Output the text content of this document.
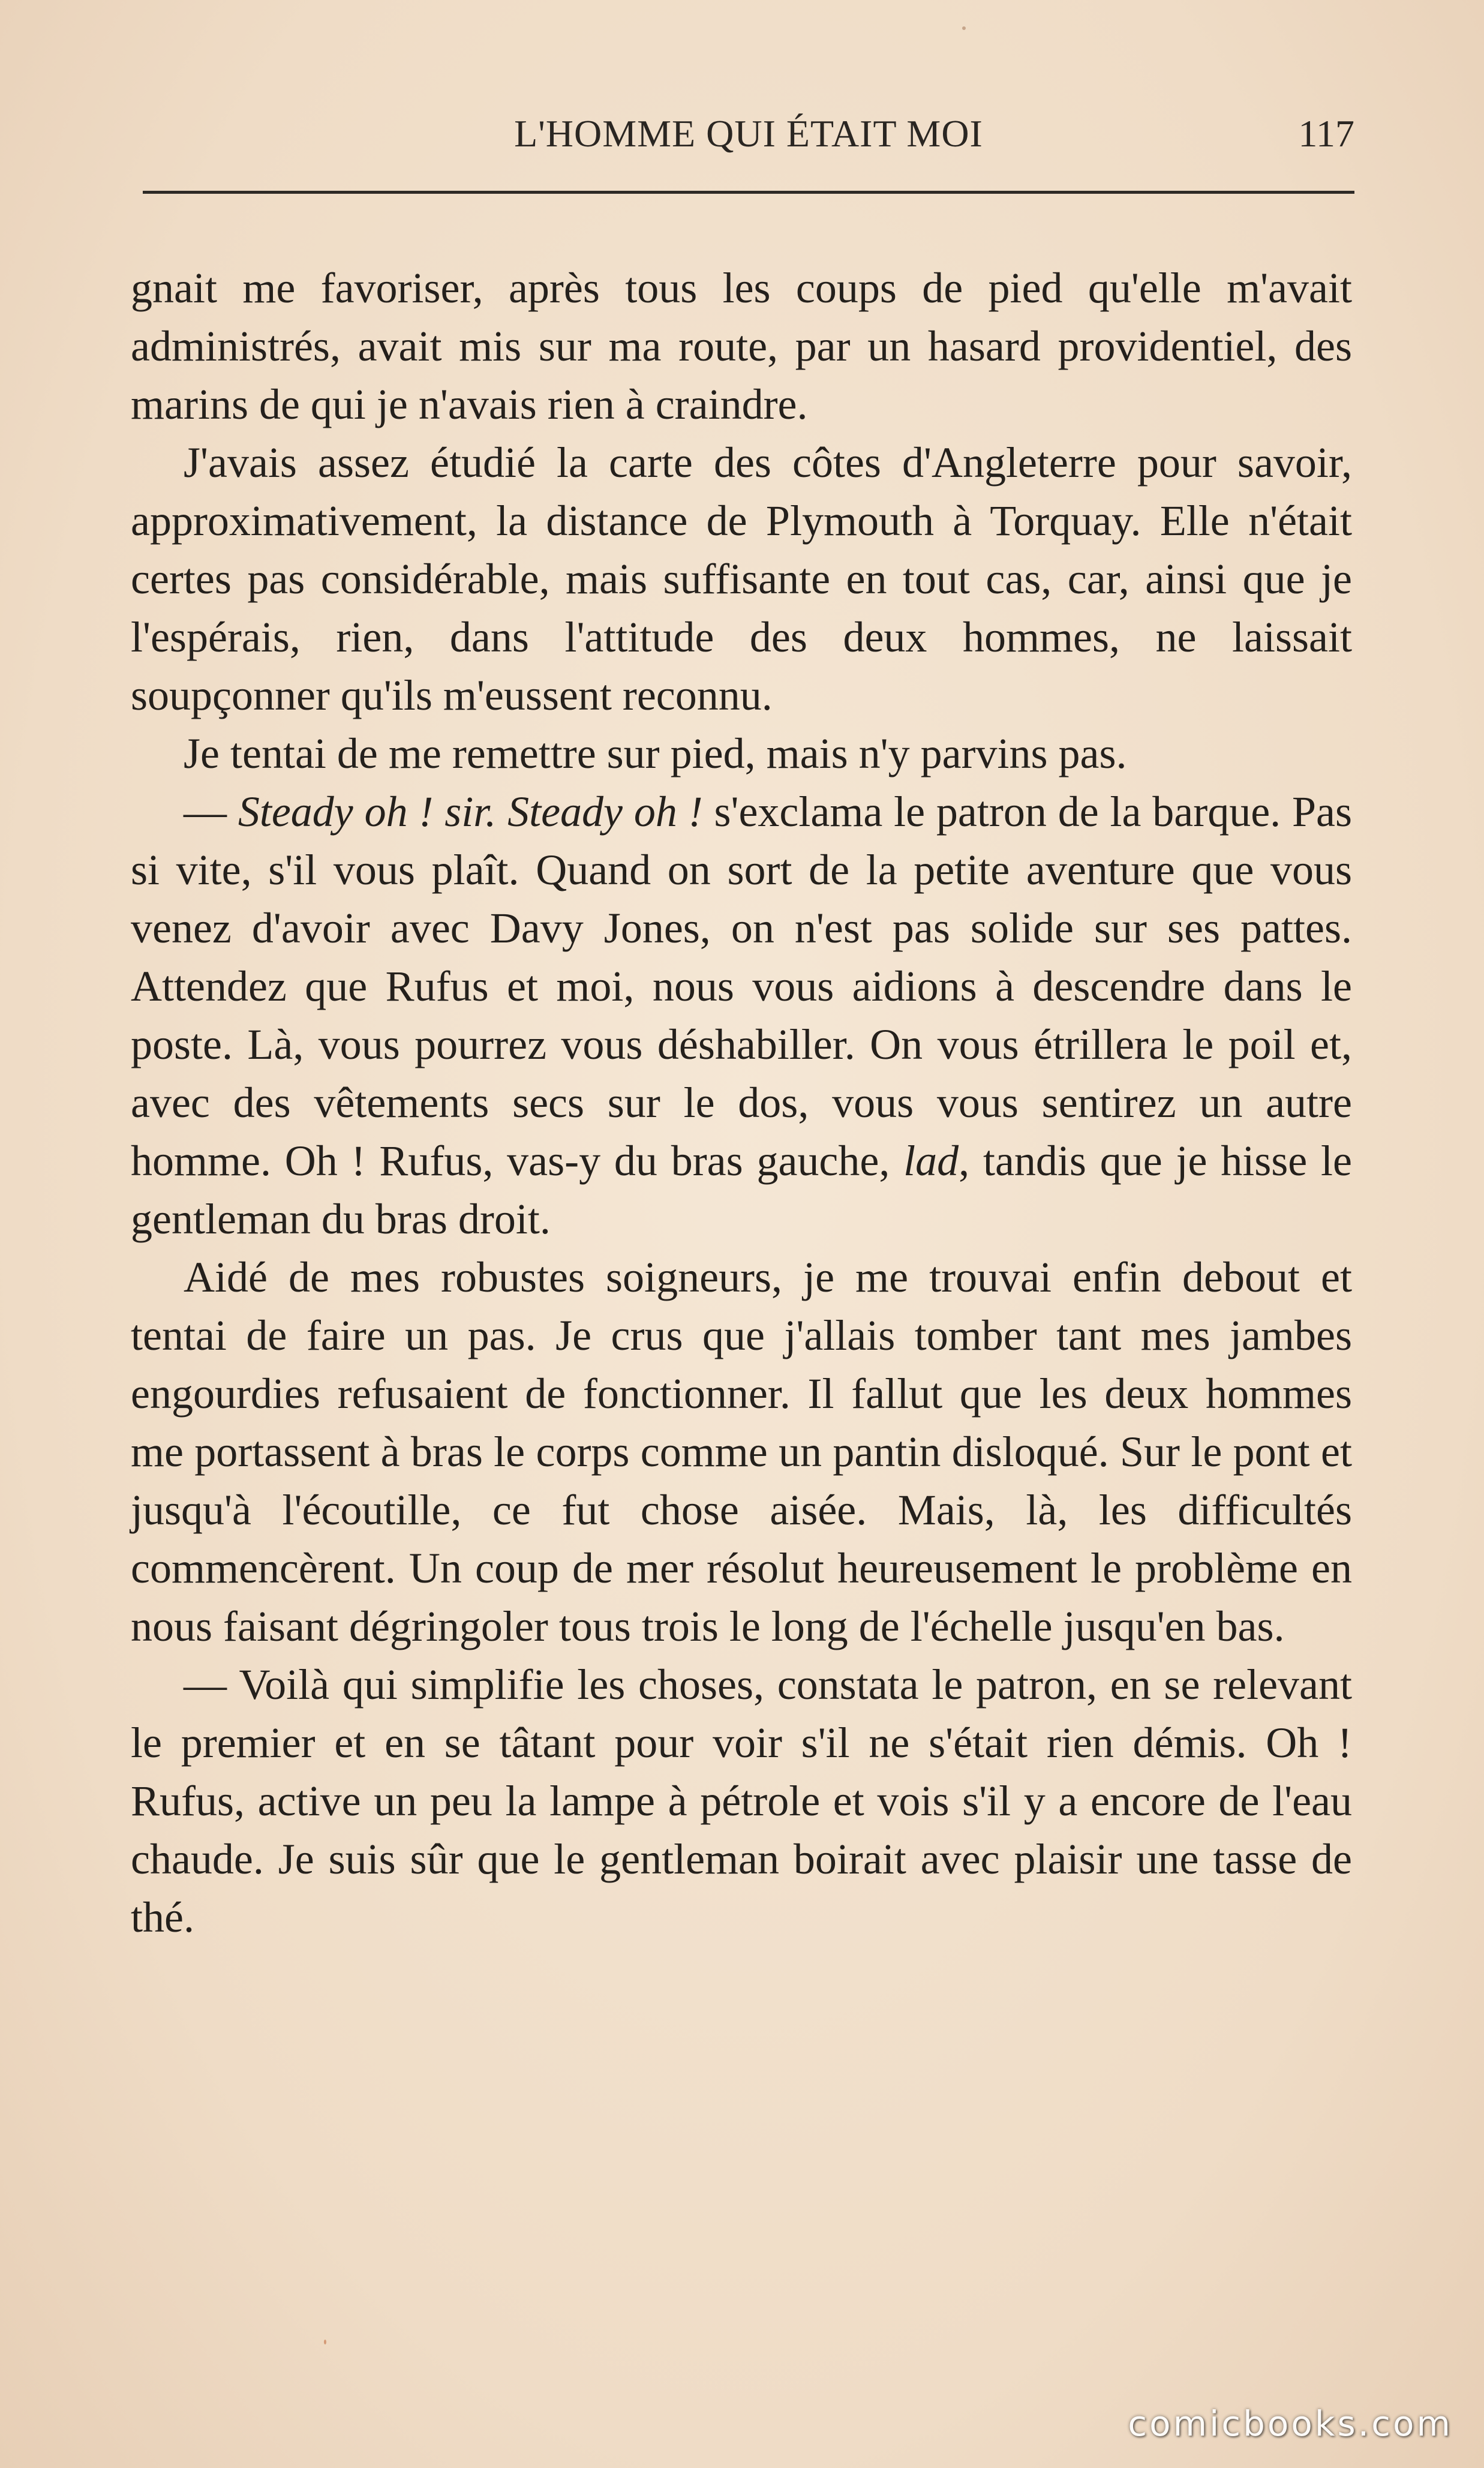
L'HOMME QUI ÉTAIT MOI	117

gnait me favoriser, après tous les coups de pied qu'elle m'avait administrés, avait mis sur ma route, par un hasard providentiel, des marins de qui je n'avais rien à craindre.

J'avais assez étudié la carte des côtes d'Angleterre pour savoir, approximativement, la distance de Plymouth à Torquay. Elle n'était certes pas considérable, mais suffisante en tout cas, car, ainsi que je l'espérais, rien, dans l'attitude des deux hommes, ne laissait soupçonner qu'ils m'eussent reconnu.

Je tentai de me remettre sur pied, mais n'y parvins pas.

— Steady oh ! sir. Steady oh ! s'exclama le patron de la barque. Pas si vite, s'il vous plaît. Quand on sort de la petite aventure que vous venez d'avoir avec Davy Jones, on n'est pas solide sur ses pattes. Attendez que Rufus et moi, nous vous aidions à descendre dans le poste. Là, vous pourrez vous déshabiller. On vous étrillera le poil et, avec des vêtements secs sur le dos, vous vous sentirez un autre homme. Oh ! Rufus, vas-y du bras gauche, lad, tandis que je hisse le gentleman du bras droit.

Aidé de mes robustes soigneurs, je me trouvai enfin debout et tentai de faire un pas. Je crus que j'allais tomber tant mes jambes engourdies refusaient de fonctionner. Il fallut que les deux hommes me portassent à bras le corps comme un pantin disloqué. Sur le pont et jusqu'à l'écoutille, ce fut chose aisée. Mais, là, les difficultés commencèrent. Un coup de mer résolut heureusement le problème en nous faisant dégringoler tous trois le long de l'échelle jusqu'en bas.

— Voilà qui simplifie les choses, constata le patron, en se relevant le premier et en se tâtant pour voir s'il ne s'était rien démis. Oh ! Rufus, active un peu la lampe à pétrole et vois s'il y a encore de l'eau chaude. Je suis sûr que le gentleman boirait avec plaisir une tasse de thé.

comicbooks.com
